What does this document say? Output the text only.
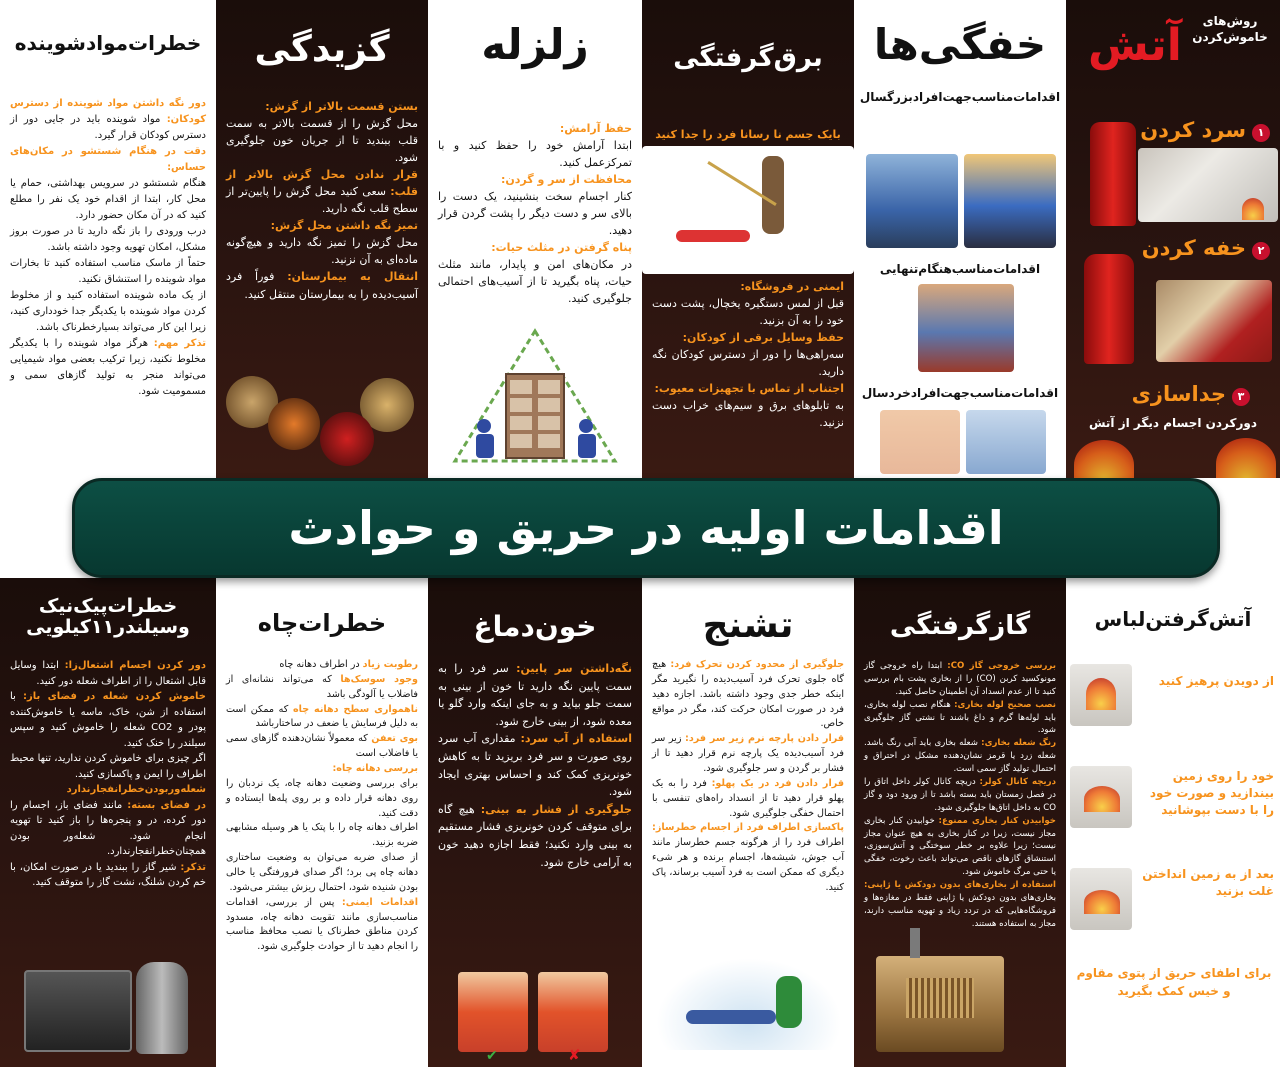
روش‌های
خاموش‌کردن
آتش
۱سرد کردن
۲خفه کردن
۳جداسازی
دورکردن اجسام دیگر از آتش
خفگی‌ها
اقدامات‌مناسب‌جهت‌افرادبزرگسال
اقدامات‌مناسب‌هنگام‌تنهایی
اقدامات‌مناسب‌جهت‌افرادخردسال
برق‌گرفتگی
بایک جسم نا رسانا فرد را جدا کنید
ایمنی در فروشگاه:
قبل از لمس دستگیره یخچال، پشت دست خود را به آن بزنید.
حفظ وسایل برقی از کودکان:
سه‌راهی‌ها را دور از دسترس کودکان نگه دارید.
اجتناب از تماس با تجهیزات معیوب:
به تابلوهای برق و سیم‌های خراب دست نزنید.
زلزله
حفظ آرامش:
ابتدا آرامش خود را حفظ کنید و با تمرکزعمل کنید.
محافظت از سر و گردن:
کنار اجسام سخت بنشینید، یک دست را بالای سر و دست دیگر را پشت گردن قرار دهید.
پناه گرفتن در مثلث حیات:
در مکان‌های امن و پایدار، مانند مثلث حیات، پناه بگیرید تا از آسیب‌های احتمالی جلوگیری کنید.
گزیدگی
بستن قسمت بالاتر از گزش:
محل گزش را از قسمت بالاتر به سمت قلب ببندید تا از جریان خون جلوگیری شود.
قرار ندادن محل گزش بالاتر از قلب: سعی کنید محل گزش را پایین‌تر از سطح قلب نگه دارید.
تمیز نگه داشتن محل گزش:
محل گزش را تمیز نگه دارید و هیچ‌گونه ماده‌ای به آن نزنید.
انتقال به بیمارستان: فوراً فرد آسیب‌دیده را به بیمارستان منتقل کنید.
خطرات‌موادشوینده
دور نگه داشتن مواد شوینده از دسترس کودکان: مواد شوینده باید در جایی دور از دسترس کودکان قرار گیرد.
دقت در هنگام شستشو در مکان‌های حساس:
هنگام شستشو در سرویس بهداشتی، حمام یا محل کار، ابتدا از اقدام خود یک نفر را مطلع کنید که در آن مکان حضور دارد.
درب ورودی را باز نگه دارید تا در صورت بروز مشکل، امکان تهویه وجود داشته باشد.
حتماً از ماسک مناسب استفاده کنید تا بخارات مواد شوینده را استنشاق نکنید.
از یک ماده شوینده استفاده کنید و از مخلوط کردن مواد شوینده با یکدیگر جدا خودداری کنید، زیرا این کار می‌تواند بسیارخطرناک باشد.
تذکر مهم: هرگز مواد شوینده را با یکدیگر مخلوط نکنید، زیرا ترکیب بعضی مواد شیمیایی می‌تواند منجر به تولید گازهای سمی و مسمومیت شود.
آتش‌گرفتن‌لباس
از دویدن پرهیز کنید
خود را روی زمین بیندازید و صورت خود را با دست بپوشانید
بعد از به زمین انداختن غلت بزنید
برای اطفای حریق از پتوی مقاوم و خیس کمک بگیرید
گازگرفتگی
بررسی خروجی گاز CO: ابتدا راه خروجی گاز مونوکسید کربن (CO) را از بخاری پشت بام بررسی کنید تا از عدم انسداد آن اطمینان حاصل کنید.
نصب صحیح لوله بخاری: هنگام نصب لوله بخاری، باید لوله‌ها گرم و داغ باشند تا نشتی گاز جلوگیری شود.
رنگ شعله بخاری: شعله بخاری باید آبی رنگ باشد. شعله زرد یا قرمز نشان‌دهنده مشکل در احتراق و احتمال تولید گاز سمی است.
دریچه کانال کولر: دریچه کانال کولر داخل اتاق را در فصل زمستان باید بسته باشد تا از ورود دود و گاز CO به داخل اتاق‌ها جلوگیری شود.
خوابیدن کنار بخاری ممنوع: خوابیدن کنار بخاری مجاز نیست، زیرا در کنار بخاری به هیچ عنوان مجاز نیست؛ زیرا علاوه بر خطر سوختگی و آتش‌سوزی، استنشاق گازهای ناقص می‌تواند باعث رخوت، خفگی یا حتی مرگ خاموش شود.
استفاده از بخاری‌های بدون دودکش یا ژاپنی: بخاری‌های بدون دودکش یا ژاپنی فقط در مغازه‌ها و فروشگاه‌هایی که در تردد زیاد و تهویه مناسب دارند، مجاز به استفاده هستند.
تشنج
جلوگیری از محدود کردن تحرک فرد: هیچ گاه جلوی تحرک فرد آسیب‌دیده را نگیرید مگر اینکه خطر جدی وجود داشته باشد. اجازه دهید فرد در صورت امکان حرکت کند، مگر در مواقع خاص.
قرار دادن پارچه نرم زیر سر فرد: زیر سر فرد آسیب‌دیده یک پارچه نرم قرار دهید تا از فشار بر گردن و سر جلوگیری شود.
قرار دادن فرد در یک پهلو: فرد را به یک پهلو قرار دهید تا از انسداد راه‌های تنفسی با احتمال خفگی جلوگیری شود.
پاکسازی اطراف فرد از اجسام خطرساز: اطراف فرد را از هرگونه جسم خطرساز مانند آب جوش، شیشه‌ها، اجسام برنده و هر شیء دیگری که ممکن است به فرد آسیب برساند، پاک کنید.
خون‌دماغ
نگه‌داشتن سر پایین: سر فرد را به سمت پایین نگه دارید تا خون از بینی به سمت جلو بیاید و به جای اینکه وارد گلو یا معده شود، از بینی خارج شود.
استفاده از آب سرد: مقداری آب سرد روی صورت و سر فرد بریزید تا به کاهش خونریزی کمک کند و احساس بهتری ایجاد شود.
جلوگیری از فشار به بینی: هیچ گاه برای متوقف کردن خونریزی فشار مستقیم به بینی وارد نکنید؛ فقط اجازه دهید خون به آرامی خارج شود.
✔	✘
خطرات‌چاه
رطوبت زیاد در اطراف دهانه چاه
وجود سوسک‌ها که می‌تواند نشانه‌ای از فاضلاب یا آلودگی باشد
ناهمواری سطح دهانه چاه که ممکن است به دلیل فرسایش یا ضعف در ساختارباشد
بوی تعفن که معمولاً نشان‌دهنده گازهای سمی یا فاضلاب است
بررسی دهانه چاه:
برای بررسی وضعیت دهانه چاه، یک نردبان را روی دهانه قرار داده و بر روی پله‌ها ایستاده و دقت کنید.
اطراف دهانه چاه را با پتک یا هر وسیله مشابهی ضربه بزنید.
از صدای ضربه می‌توان به وضعیت ساختاری دهانه چاه پی برد؛ اگر صدای فرورفتگی یا خالی بودن شنیده شود، احتمال ریزش بیشتر می‌شود.
اقدامات ایمنی: پس از بررسی، اقدامات مناسب‌سازی مانند تقویت دهانه چاه، مسدود کردن مناطق خطرناک یا نصب محافظ مناسب را انجام دهید تا از حوادث جلوگیری شود.
خطرات‌پیک‌نیک
وسیلندر۱۱کیلویی
دور کردن اجسام اشتعال‌زا: ابتدا وسایل قابل اشتعال را از اطراف شعله دور کنید.
خاموش کردن شعله در فضای باز: با استفاده از شن، خاک، ماسه یا خاموش‌کننده پودر و CO2 شعله را خاموش کنید و سپس سیلندر را خنک کنید.
اگر چیزی برای خاموش کردن ندارید، تنها محیط اطراف را ایمن و پاکسازی کنید.
شعله‌وربودن‌خطرانفجارندارد
در فضای بسته: مانند فضای باز، اجسام را دور کرده، در و پنجره‌ها را باز کنید تا تهویه انجام شود. شعله‌ور بودن همچنان‌خطرانفجارندارد.
تذکر: شیر گاز را ببندید یا در صورت امکان، با خم کردن شلنگ، نشت گاز را متوقف کنید.
اقدامات اولیه در حریق و حوادث
